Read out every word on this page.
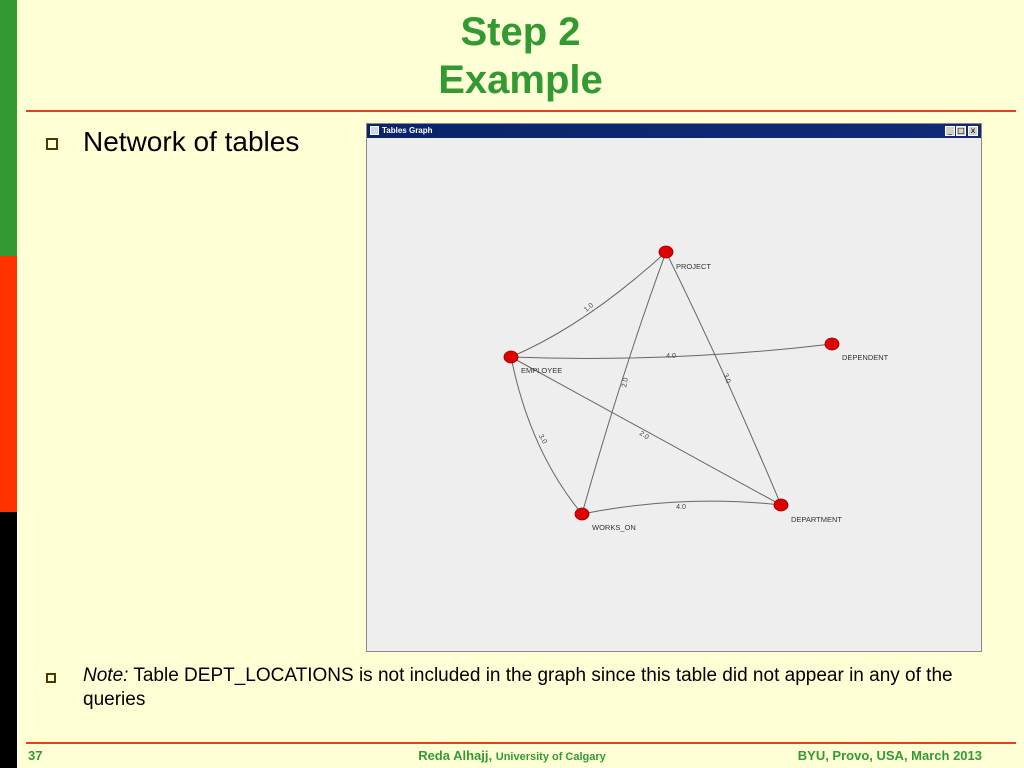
Step 2
Example
Network of tables	Tables Graph	_ □ x
1.0
4.0
2.0	3.0
3.0	2.0
4.0
PROJECT
EMPLOYEE
DEPENDENT
WORKS_ON
DEPARTMENT
Note: Table DEPT_LOCATIONS is not included in the graph since this table did not appear in any of the queries
37	Reda Alhajj, University of Calgary	BYU, Provo, USA, March 2013
